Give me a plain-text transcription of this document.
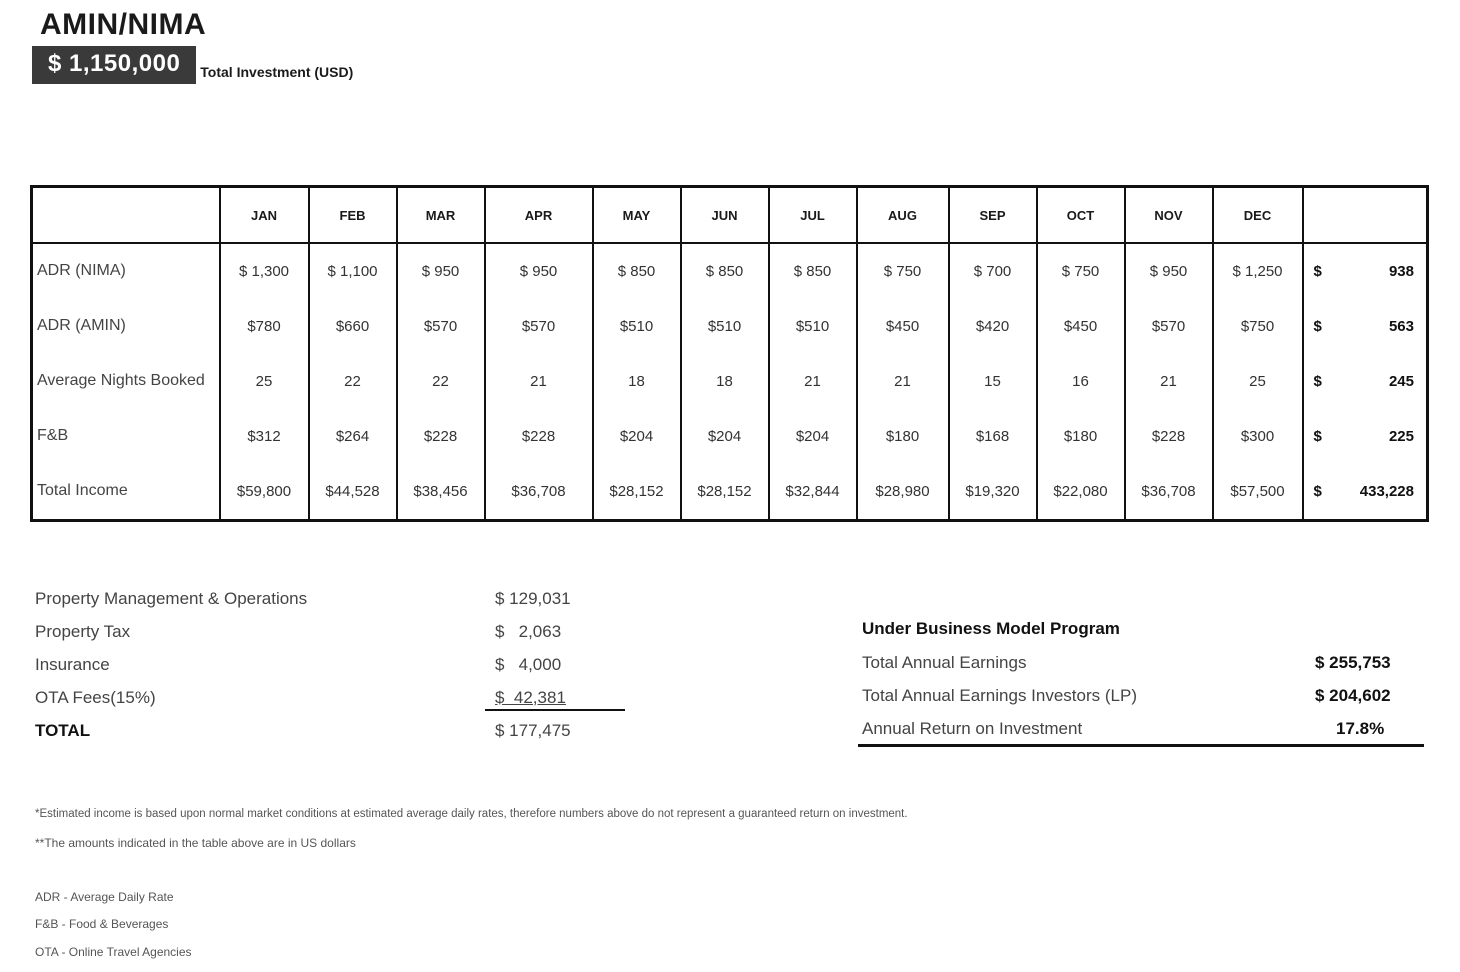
AMIN/NIMA
$ 1,150,000	Total Investment (USD)
	JAN	FEB	MAR	APR	MAY	JUN	JUL	AUG	SEP	OCT	NOV	DEC	
ADR (NIMA)	$ 1,300	$ 1,100	$ 950	$ 950	$ 850	$ 850	$ 850	$ 750	$ 700	$ 750	$ 950	$ 1,250	$ 938

ADR (AMIN)	$780	$660	$570	$570	$510	$510	$510	$450	$420	$450	$570	$750	$ 563

Average Nights Booked	25	22	22	21	18	18	21	21	15	16	21	25	$ 245

F&B	$312	$264	$228	$228	$204	$204	$204	$180	$168	$180	$228	$300	$ 225

Total Income	$59,800	$44,528	$38,456	$36,708	$28,152	$28,152	$32,844	$28,980	$19,320	$22,080	$36,708	$57,500	$ 433,228
Property Management & Operations	$ 129,031
Property Tax	$   2,063
Insurance	$   4,000
OTA Fees(15%)	$  42,381
TOTAL	$ 177,475
Under Business Model Program
Total Annual Earnings	$ 255,753
Total Annual Earnings Investors (LP)	$ 204,602
Annual Return on Investment	17.8%
*Estimated income is based upon normal market conditions at estimated average daily rates, therefore numbers above do not represent a guaranteed return on investment.
**The amounts indicated in the table above are in US dollars
ADR - Average Daily Rate
F&B - Food & Beverages
OTA - Online Travel Agencies
